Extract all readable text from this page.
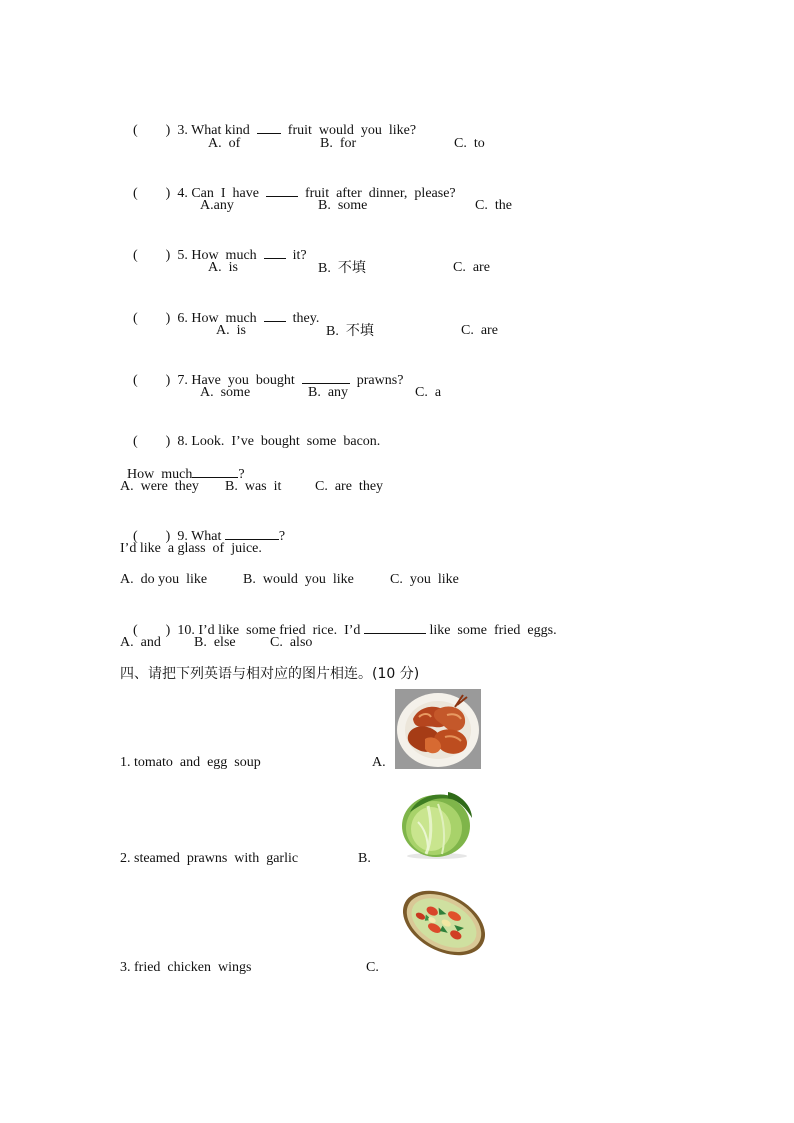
(        ) 3. What kind	fruit  would  you  like?

A.  of	B.  for	C.  to

(        ) 4. Can  I  have	fruit  after  dinner,  please?

A.any	B.  some	C.  the

(        ) 5. How  much	it?

A.  is	B. 不填	C.  are

(        ) 6. How  much	they.

A.  is	B. 不填	C.  are

(        ) 7. Have  you  bought	prawns?

A.  some	B.  any	C.  a

(        ) 8. Look.  I’ve  bought  some  bacon.

How  much	?

A.  were  they B.  was  it C.  are  they

(        ) 9. What	?

I’d like  a glass  of  juice.
A.  do you  like	B.  would  you  like	C.  you  like

(        ) 10. I’d like  some fried  rice.  I’d	like  some  fried  eggs.

A.  and B.  else C.  also
四、请把下列英语与相对应的图片相连。(10 分)
1. tomato  and  egg  soup	A.
2. steamed  prawns  with  garlic	B.
3. fried  chicken  wings	C.
